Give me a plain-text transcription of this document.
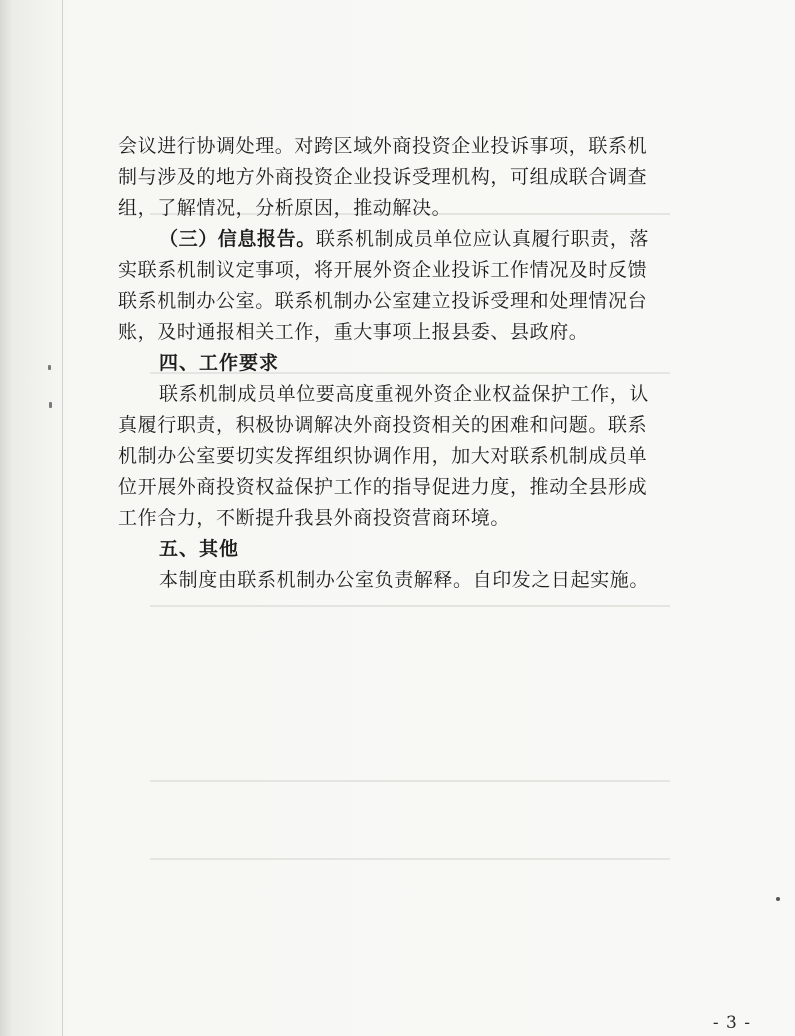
会议进行协调处理。对跨区域外商投资企业投诉事项，联系机
制与涉及的地方外商投资企业投诉受理机构，可组成联合调查
组，了解情况，分析原因，推动解决。
（三）信息报告。联系机制成员单位应认真履行职责，落
实联系机制议定事项，将开展外资企业投诉工作情况及时反馈
联系机制办公室。联系机制办公室建立投诉受理和处理情况台
账，及时通报相关工作，重大事项上报县委、县政府。
四、工作要求
联系机制成员单位要高度重视外资企业权益保护工作，认
真履行职责，积极协调解决外商投资相关的困难和问题。联系
机制办公室要切实发挥组织协调作用，加大对联系机制成员单
位开展外商投资权益保护工作的指导促进力度，推动全县形成
工作合力，不断提升我县外商投资营商环境。
五、其他
本制度由联系机制办公室负责解释。自印发之日起实施。
- 3 -
